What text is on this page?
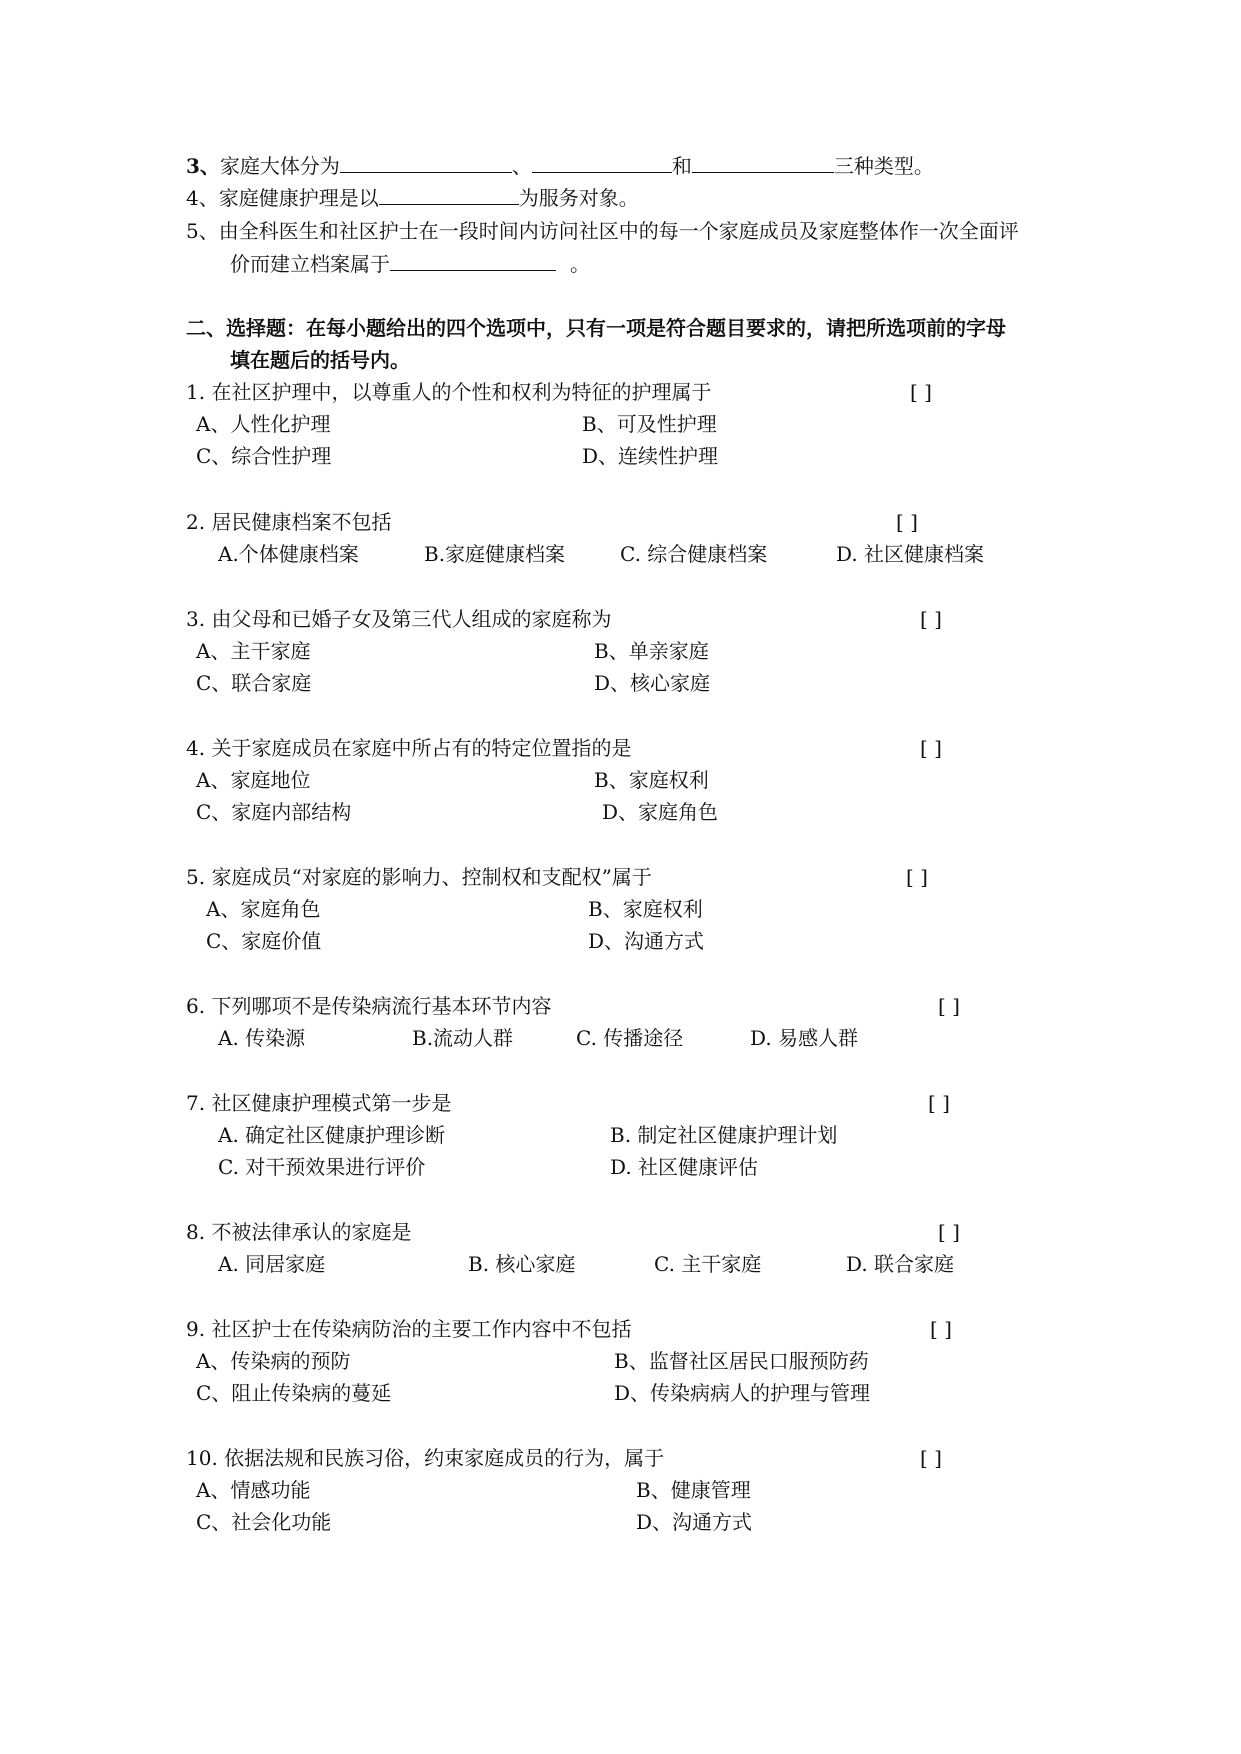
3、家庭大体分为	、	和	三种类型。
4、家庭健康护理是以	为服务对象。
5、由全科医生和社区护士在一段时间内访问社区中的每一个家庭成员及家庭整体作一次全面评
价而建立档案属于	。
二、选择题：在每小题给出的四个选项中，只有一项是符合题目要求的，请把所选项前的字母
填在题后的括号内。
1. 在社区护理中，以尊重人的个性和权利为特征的护理属于	[ ]
A、人性化护理	B、可及性护理
C、综合性护理	D、连续性护理
2. 居民健康档案不包括	[ ]
A.个体健康档案	B.家庭健康档案	C. 综合健康档案	D. 社区健康档案
3. 由父母和已婚子女及第三代人组成的家庭称为	[ ]
A、主干家庭	B、单亲家庭
C、联合家庭	D、核心家庭
4. 关于家庭成员在家庭中所占有的特定位置指的是	[ ]
A、家庭地位	B、家庭权利
C、家庭内部结构	D、家庭角色
5. 家庭成员“对家庭的影响力、控制权和支配权”属于	[ ]
A、家庭角色	B、家庭权利
C、家庭价值	D、沟通方式
6. 下列哪项不是传染病流行基本环节内容	[ ]
A. 传染源	B.流动人群	C. 传播途径	D. 易感人群
7. 社区健康护理模式第一步是	[ ]
A. 确定社区健康护理诊断	B. 制定社区健康护理计划
C. 对干预效果进行评价	D. 社区健康评估
8. 不被法律承认的家庭是	[ ]
A. 同居家庭	B. 核心家庭	C. 主干家庭	D. 联合家庭
9. 社区护士在传染病防治的主要工作内容中不包括	[ ]
A、传染病的预防	B、监督社区居民口服预防药
C、阻止传染病的蔓延	D、传染病病人的护理与管理
10. 依据法规和民族习俗，约束家庭成员的行为，属于	[ ]
A、情感功能	B、健康管理
C、社会化功能	D、沟通方式
